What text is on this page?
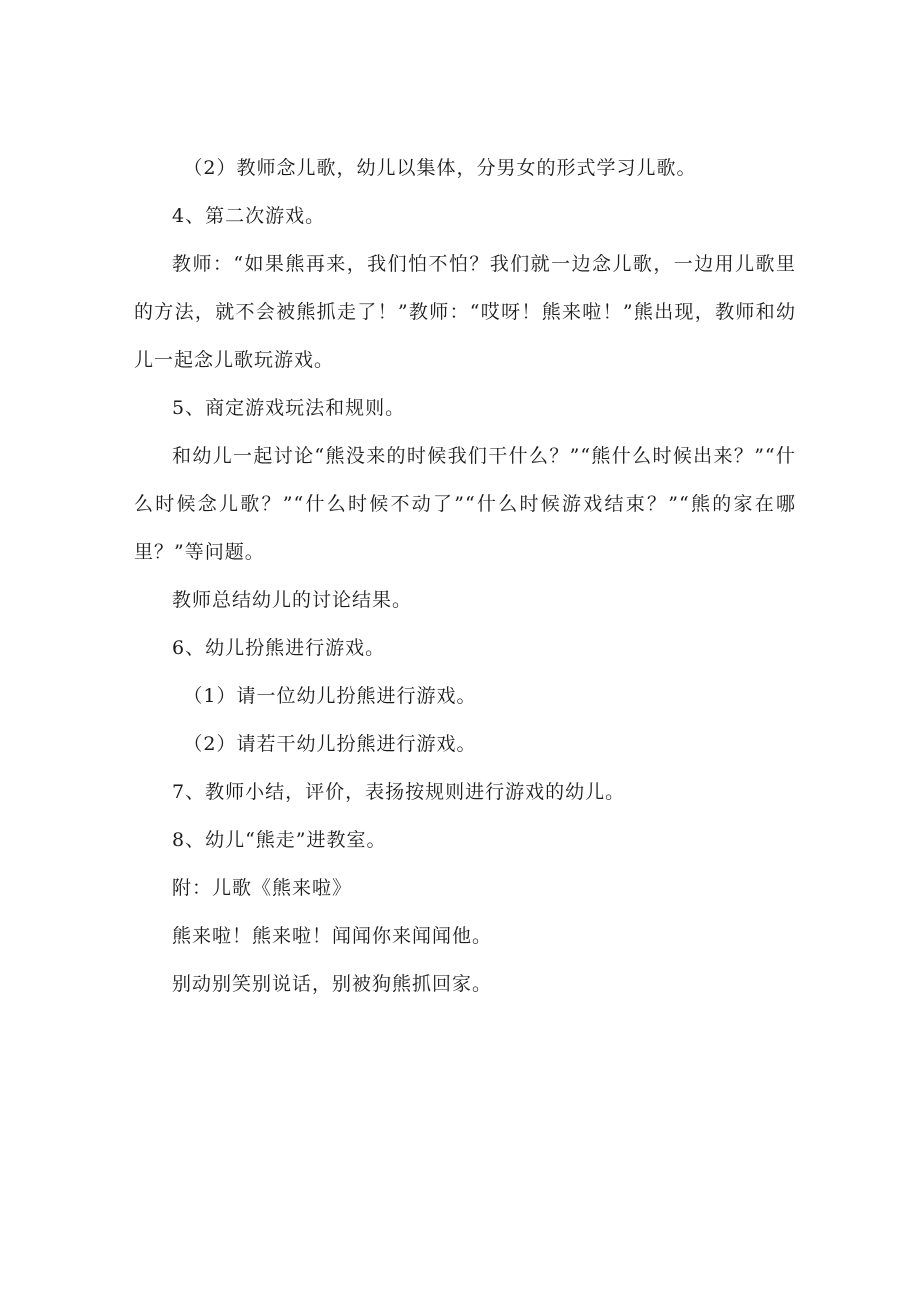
（2）教师念儿歌，幼儿以集体，分男女的形式学习儿歌。

4、第二次游戏。

教师：“如果熊再来，我们怕不怕？我们就一边念儿歌，一边用儿歌里的方法，就不会被熊抓走了！”教师：“哎呀！熊来啦！”熊出现，教师和幼儿一起念儿歌玩游戏。

5、商定游戏玩法和规则。

和幼儿一起讨论“熊没来的时候我们干什么？”“熊什么时候出来？”“什么时候念儿歌？”“什么时候不动了”“什么时候游戏结束？”“熊的家在哪里？”等问题。

教师总结幼儿的讨论结果。

6、幼儿扮熊进行游戏。

（1）请一位幼儿扮熊进行游戏。

（2）请若干幼儿扮熊进行游戏。

7、教师小结，评价，表扬按规则进行游戏的幼儿。

8、幼儿“熊走”进教室。

附：儿歌《熊来啦》

熊来啦！熊来啦！闻闻你来闻闻他。

别动别笑别说话，别被狗熊抓回家。
